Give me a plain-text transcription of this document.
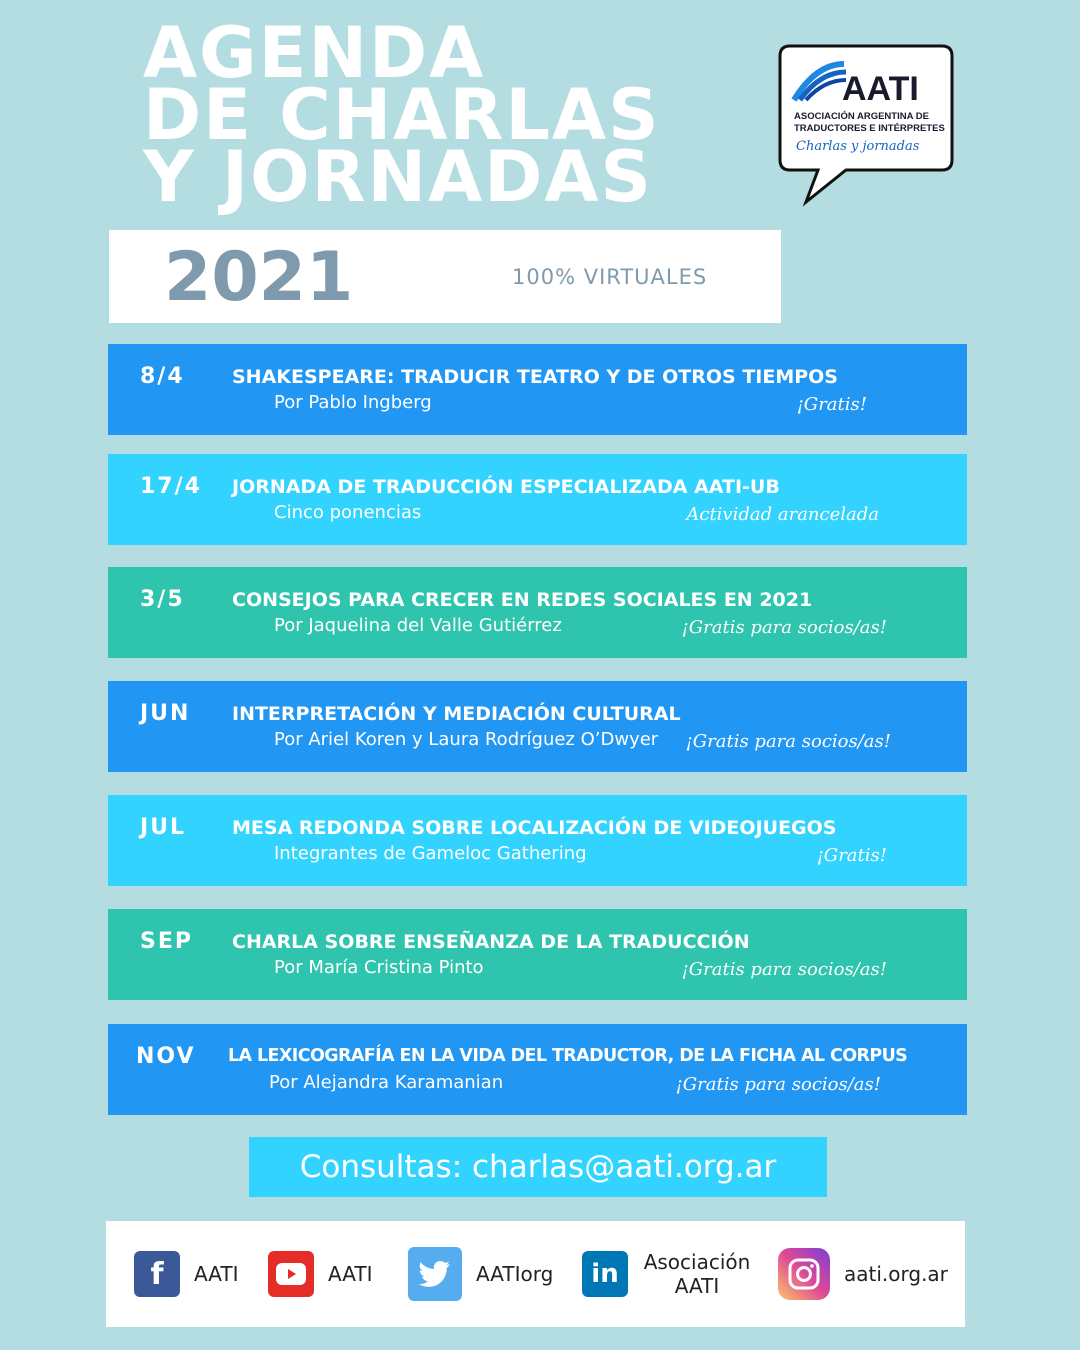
AGENDA
DE CHARLAS
Y JORNADAS
AATI
ASOCIACIÓN ARGENTINA DE
TRADUCTORES E INTÉRPRETES
Charlas y jornadas
2021	100% VIRTUALES
8/4 SHAKESPEARE: TRADUCIR TEATRO Y DE OTROS TIEMPOS
Por Pablo Ingberg	¡Gratis!
17/4 JORNADA DE TRADUCCIÓN ESPECIALIZADA AATI-UB
Cinco ponencias	Actividad arancelada
3/5 CONSEJOS PARA CRECER EN REDES SOCIALES EN 2021
Por Jaquelina del Valle Gutiérrez	¡Gratis para socios/as!
JUN INTERPRETACIÓN Y MEDIACIÓN CULTURAL
Por Ariel Koren y Laura Rodríguez O’Dwyer ¡Gratis para socios/as!
JUL MESA REDONDA SOBRE LOCALIZACIÓN DE VIDEOJUEGOS
Integrantes de Gameloc Gathering	¡Gratis!
SEP CHARLA SOBRE ENSEÑANZA DE LA TRADUCCIÓN
Por María Cristina Pinto	¡Gratis para socios/as!
NOV LA LEXICOGRAFÍA EN LA VIDA DEL TRADUCTOR, DE LA FICHA AL CORPUS
Por Alejandra Karamanian	¡Gratis para socios/as!
Consultas: charlas@aati.org.ar
f	AATI	AATI	AATIorg	in	Asociación AATI	aati.org.ar
